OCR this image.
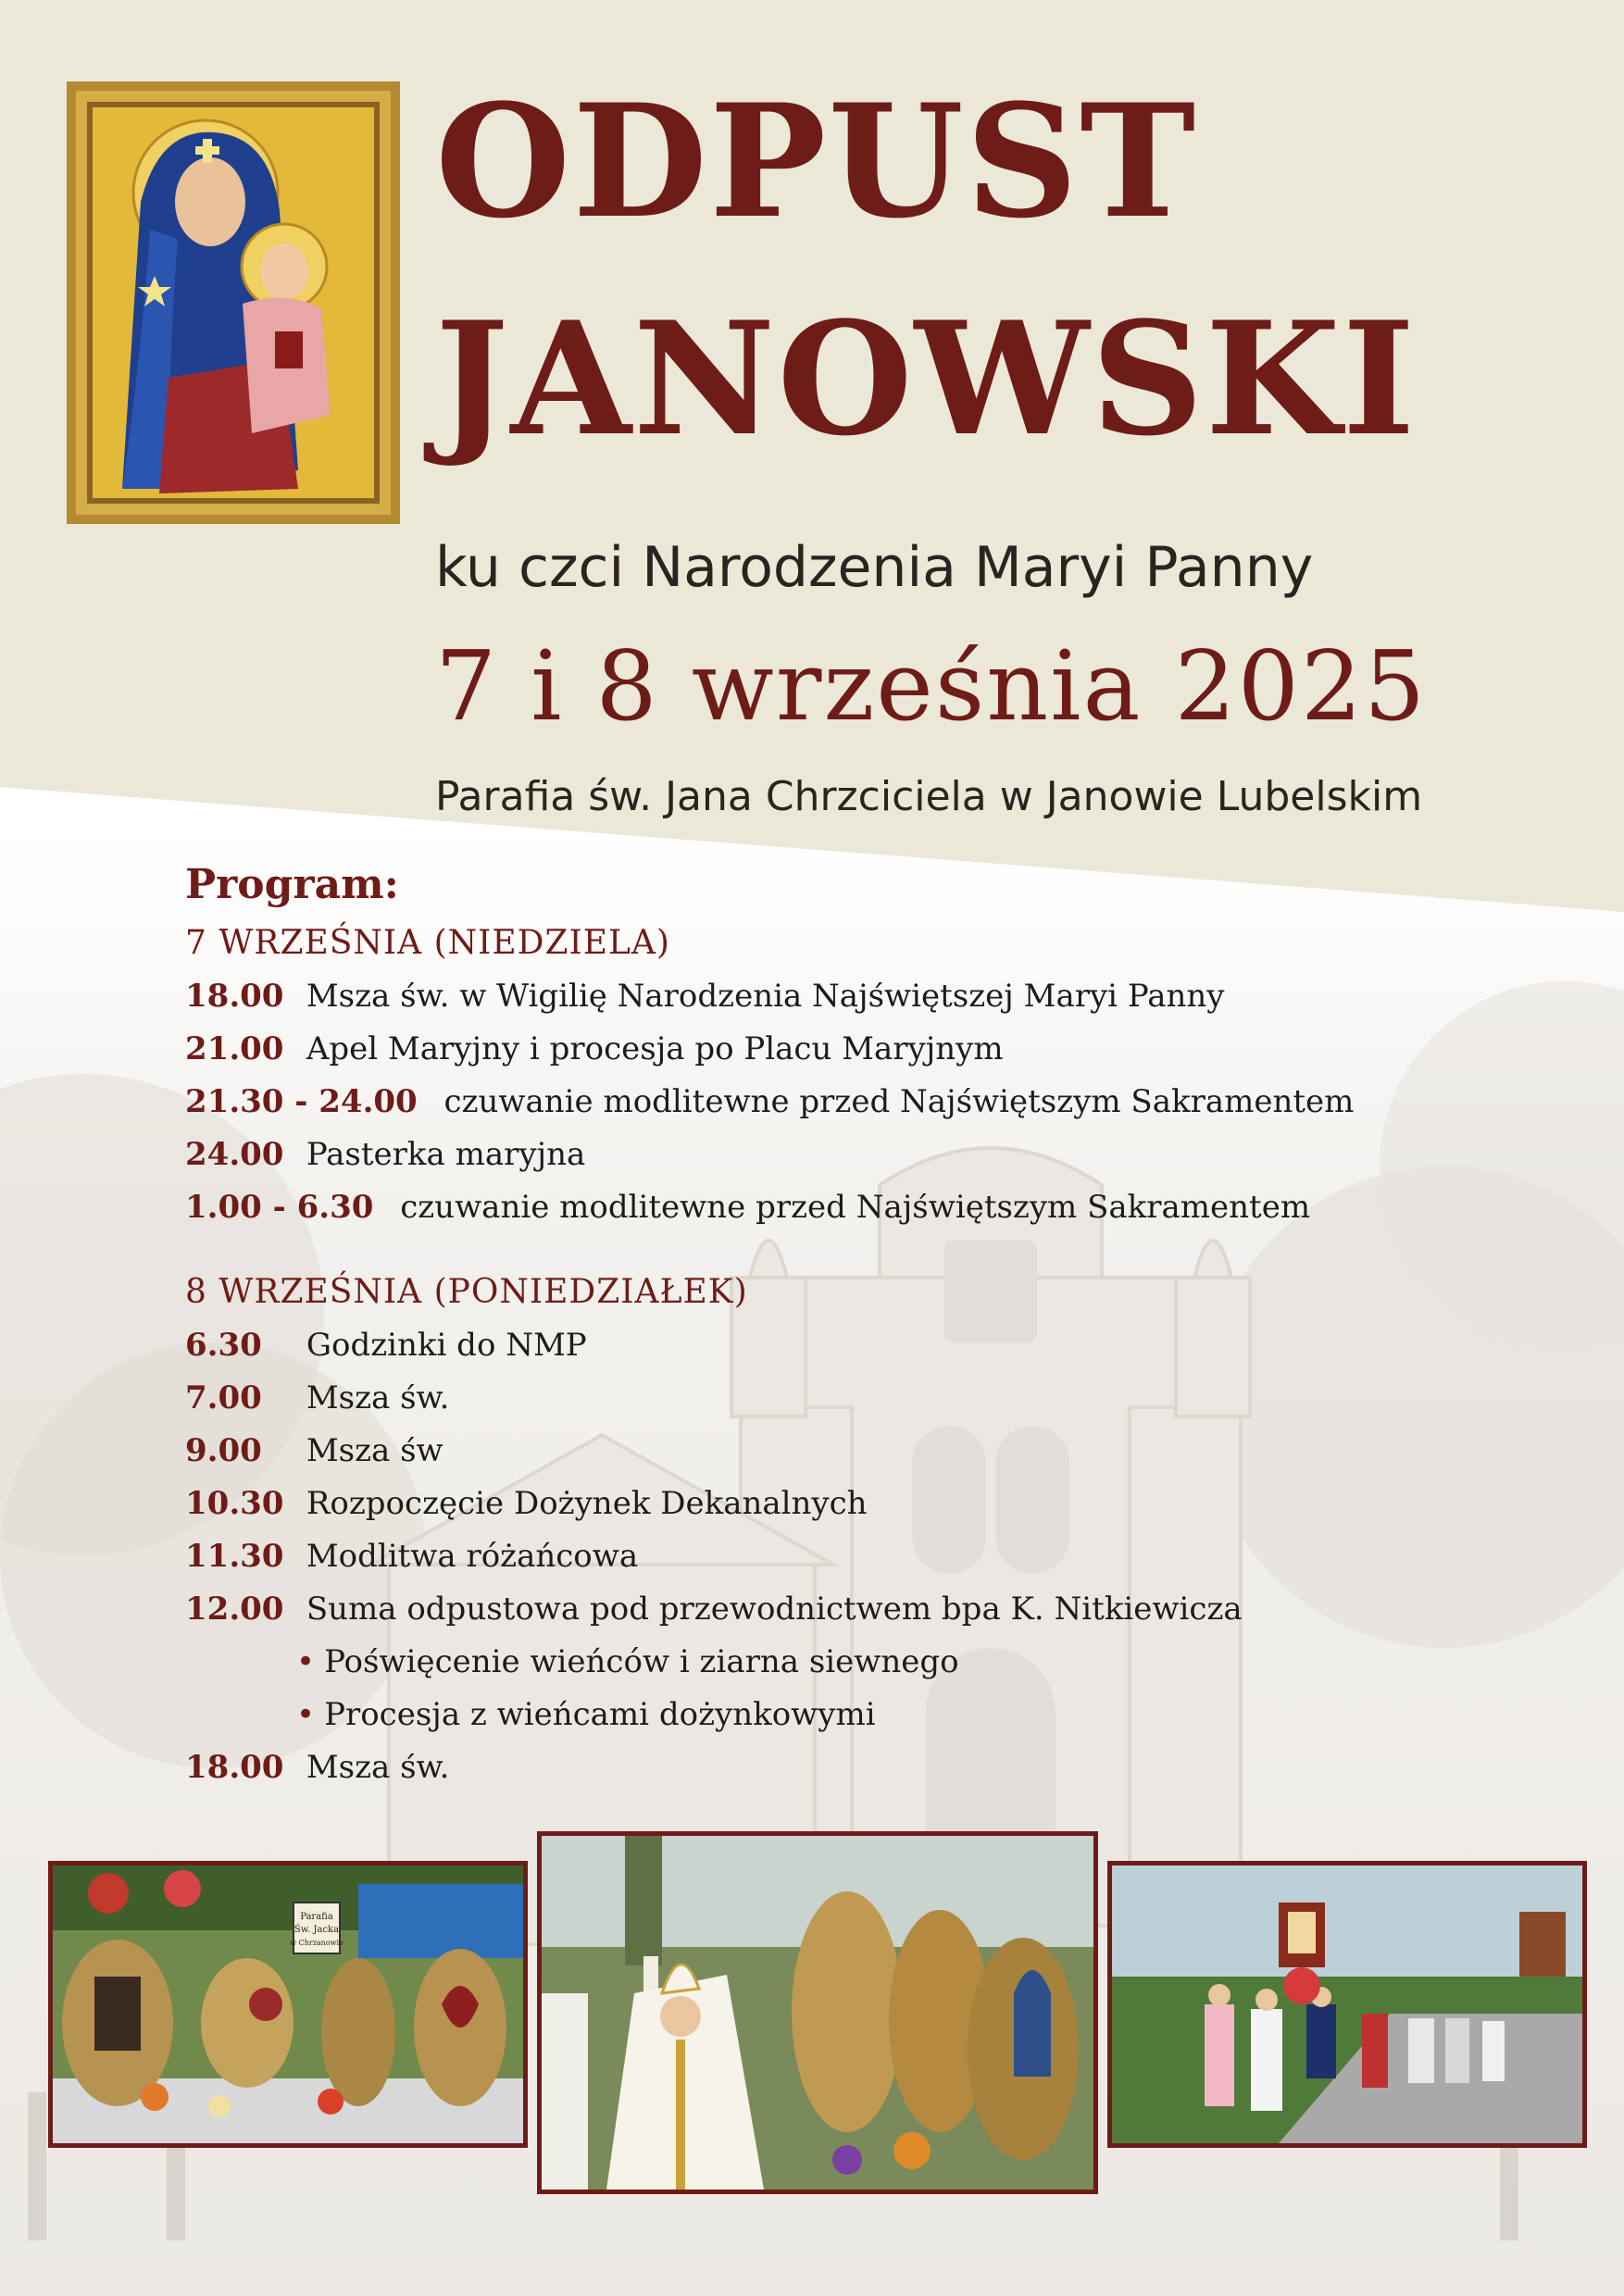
ODPUST
JANOWSKI
ku czci Narodzenia Maryi Panny
7 i 8 września 2025
Parafia św. Jana Chrzciciela w Janowie Lubelskim
Program:
7 WRZEŚNIA (NIEDZIELA)
18.00 Msza św. w Wigilię Narodzenia Najświętszej Maryi Panny
21.00 Apel Maryjny i procesja po Placu Maryjnym
21.30 - 24.00 czuwanie modlitewne przed Najświętszym Sakramentem
24.00 Pasterka maryjna
1.00 - 6.30 czuwanie modlitewne przed Najświętszym Sakramentem
8 WRZEŚNIA (PONIEDZIAŁEK)
6.30 Godzinki do NMP
7.00 Msza św.
9.00 Msza św
10.30 Rozpoczęcie Dożynek Dekanalnych
11.30 Modlitwa różańcowa
12.00 Suma odpustowa pod przewodnictwem bpa K. Nitkiewicza
• Poświęcenie wieńców i ziarna siewnego
• Procesja z wieńcami dożynkowymi
18.00 Msza św.
Parafia
Św. Jacka
w Chrzanowie
